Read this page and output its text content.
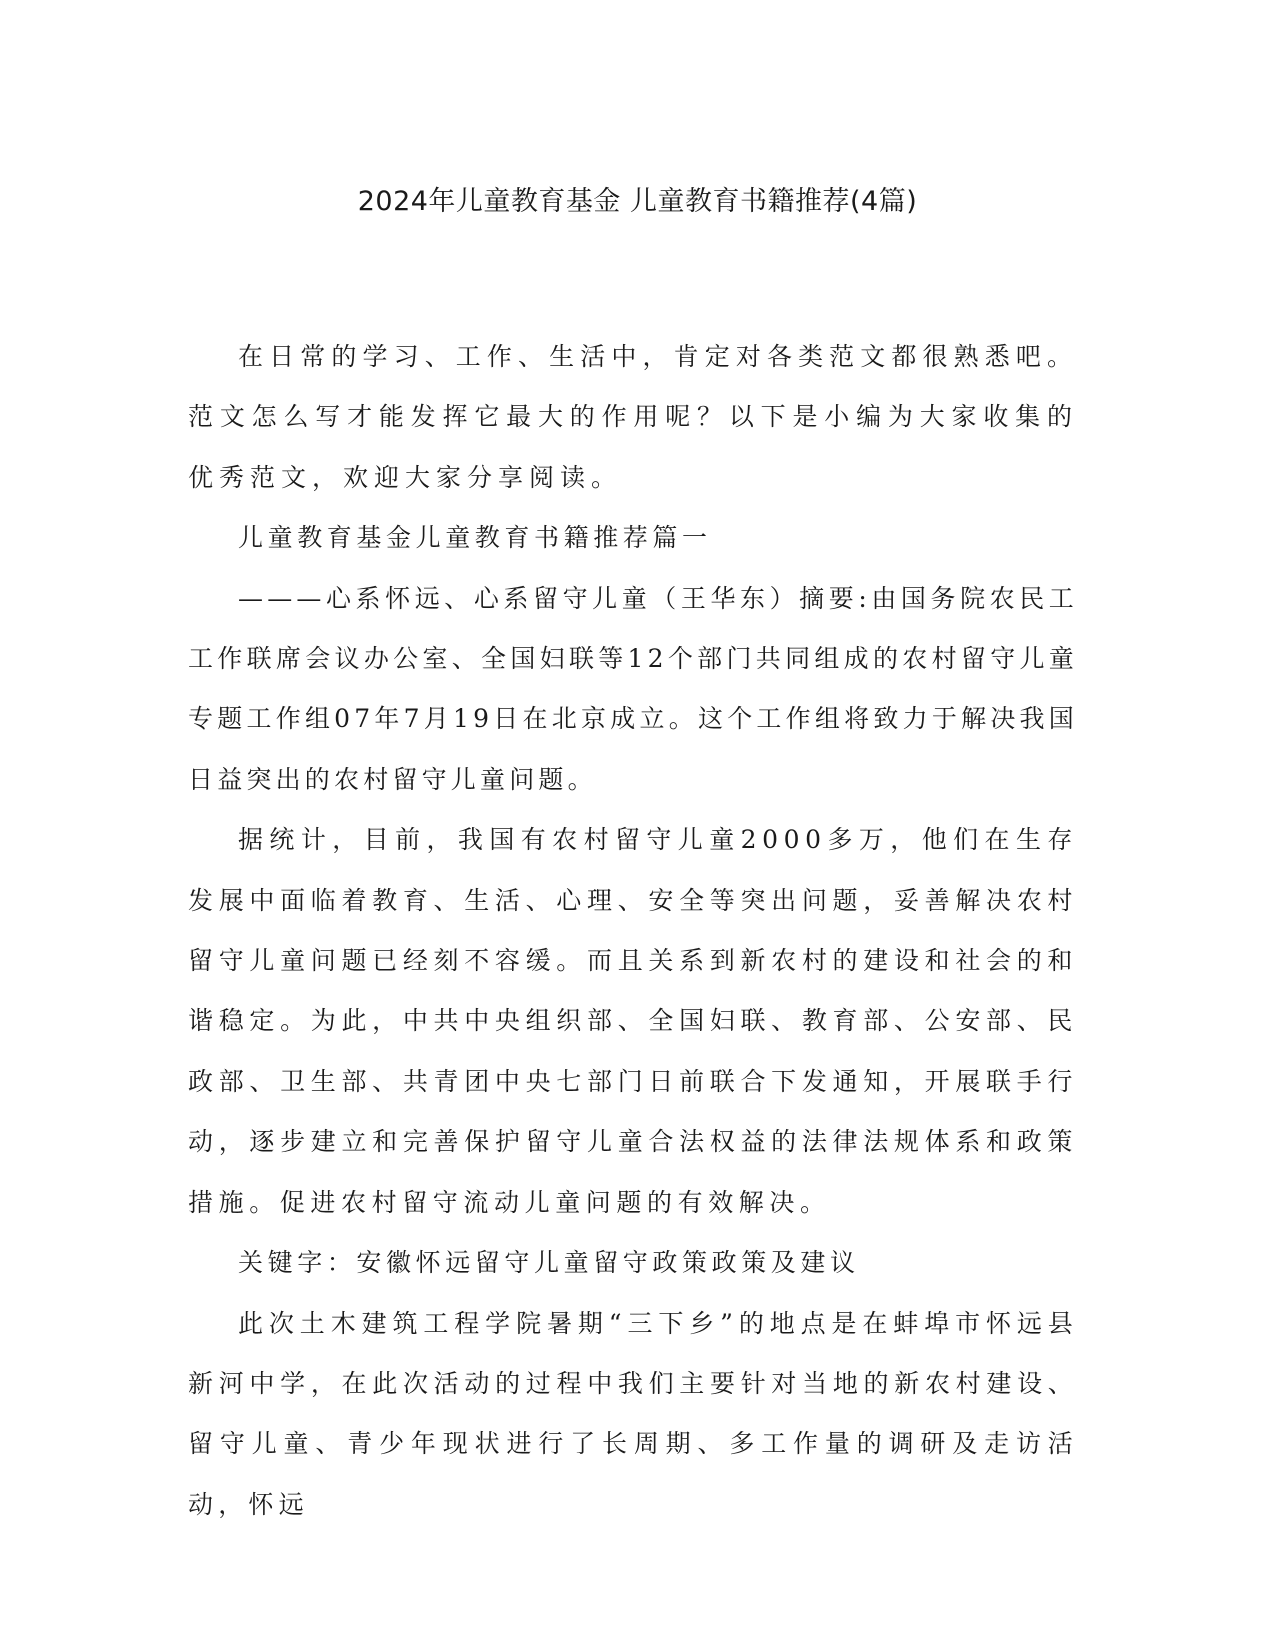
2024年儿童教育基金 儿童教育书籍推荐(4篇)

在日常的学习、工作、生活中，肯定对各类范文都很熟悉吧。范文怎么写才能发挥它最大的作用呢？以下是小编为大家收集的优秀范文，欢迎大家分享阅读。

儿童教育基金儿童教育书籍推荐篇一

———心系怀远、心系留守儿童（王华东）摘要:由国务院农民工工作联席会议办公室、全国妇联等12个部门共同组成的农村留守儿童专题工作组07年7月19日在北京成立。这个工作组将致力于解决我国日益突出的农村留守儿童问题。

据统计，目前，我国有农村留守儿童2000多万，他们在生存发展中面临着教育、生活、心理、安全等突出问题，妥善解决农村留守儿童问题已经刻不容缓。而且关系到新农村的建设和社会的和谐稳定。为此，中共中央组织部、全国妇联、教育部、公安部、民政部、卫生部、共青团中央七部门日前联合下发通知，开展联手行动，逐步建立和完善保护留守儿童合法权益的法律法规体系和政策措施。促进农村留守流动儿童问题的有效解决。

关键字：安徽怀远留守儿童留守政策政策及建议

此次土木建筑工程学院暑期“三下乡”的地点是在蚌埠市怀远县新河中学，在此次活动的过程中我们主要针对当地的新农村建设、留守儿童、青少年现状进行了长周期、多工作量的调研及走访活动，怀远
